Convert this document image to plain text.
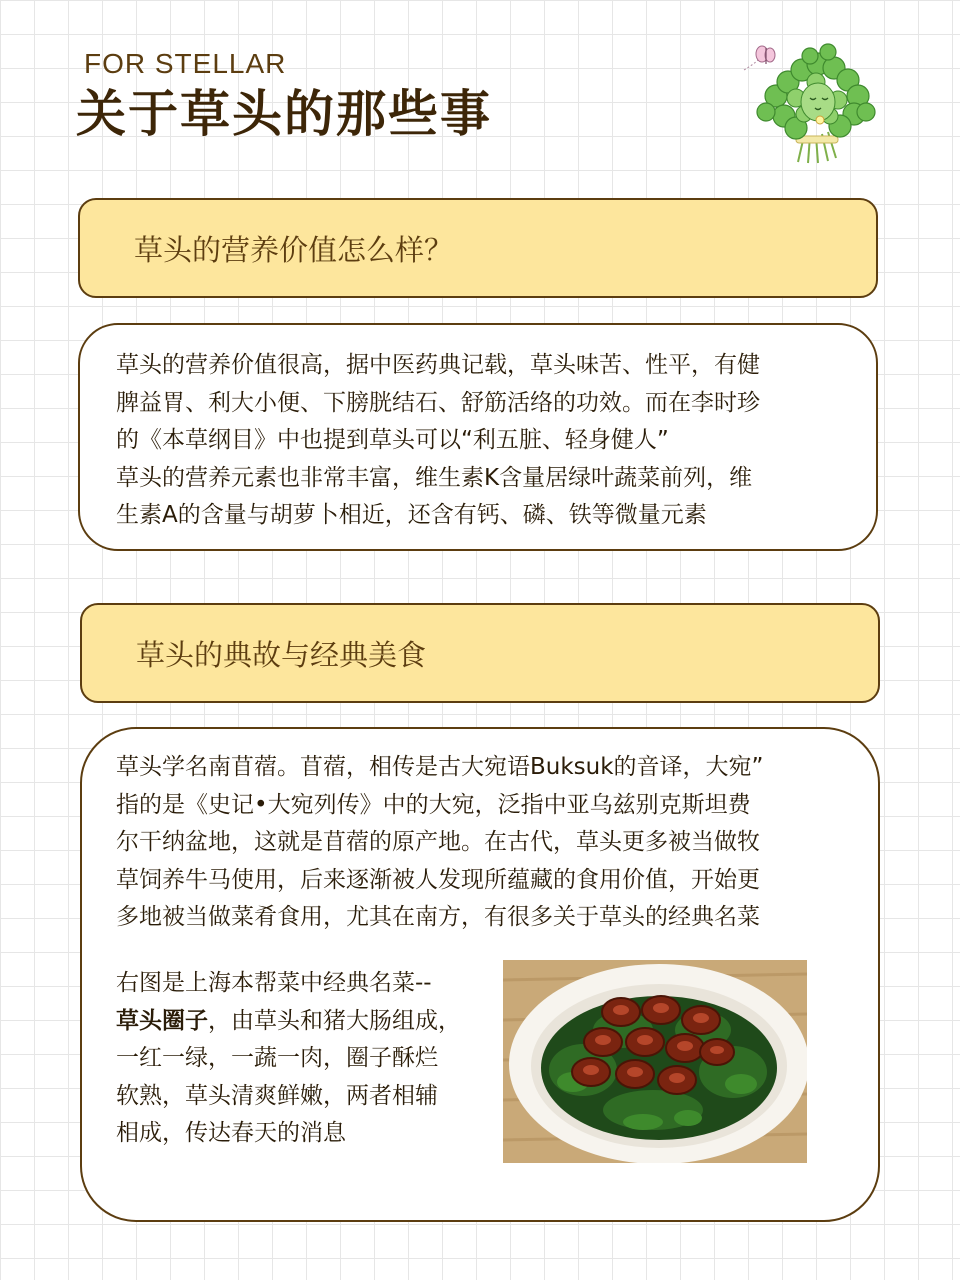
FOR STELLAR
关于草头的那些事
草头的营养价值怎么样？

草头的营养价值很高，据中医药典记载，草头味苦、性平，有健

脾益胃、利大小便、下膀胱结石、舒筋活络的功效。而在李时珍

的《本草纲目》中也提到草头可以“利五脏、轻身健人”

草头的营养元素也非常丰富，维生素K含量居绿叶蔬菜前列，维

生素A的含量与胡萝卜相近，还含有钙、磷、铁等微量元素

草头的典故与经典美食

草头学名南苜蓿。苜蓿，相传是古大宛语Buksuk的音译，大宛”

指的是《史记•大宛列传》中的大宛，泛指中亚乌兹别克斯坦费

尔干纳盆地，这就是苜蓿的原产地。在古代，草头更多被当做牧

草饲养牛马使用，后来逐渐被人发现所蕴藏的食用价值，开始更

多地被当做菜肴食用，尤其在南方，有很多关于草头的经典名菜

右图是上海本帮菜中经典名菜--

草头圈子，由草头和猪大肠组成，

一红一绿，一蔬一肉，圈子酥烂

软熟，草头清爽鲜嫩，两者相辅

相成，传达春天的消息
